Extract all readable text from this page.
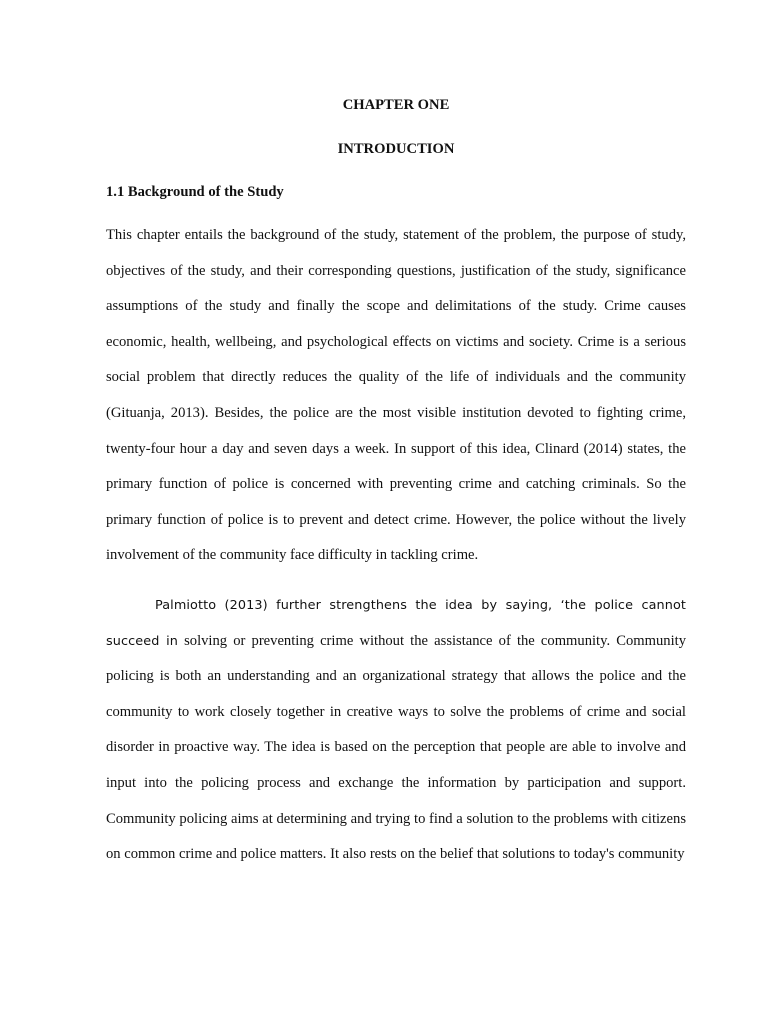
CHAPTER ONE
INTRODUCTION
1.1 Background of the Study

This chapter entails the background of the study, statement of the problem, the purpose of study, objectives of the study, and their corresponding questions, justification of the study, significance assumptions of the study and finally the scope and delimitations of the study. Crime causes economic, health, wellbeing, and psychological effects on victims and society. Crime is a serious social problem that directly reduces the quality of the life of individuals and the community (Gituanja, 2013). Besides, the police are the most visible institution devoted to fighting crime, twenty-four hour a day and seven days a week. In support of this idea, Clinard (2014) states, the primary function of police is concerned with preventing crime and catching criminals. So the primary function of police is to prevent and detect crime. However, the police without the lively involvement of the community face difficulty in tackling crime.

Palmiotto (2013) further strengthens the idea by saying, ‘the police cannot succeed in solving or preventing crime without the assistance of the community. Community policing is both an understanding and an organizational strategy that allows the police and the community to work closely together in creative ways to solve the problems of crime and social disorder in proactive way. The idea is based on the perception that people are able to involve and input into the policing process and exchange the information by participation and support. Community policing aims at determining and trying to find a solution to the problems with citizens on common crime and police matters. It also rests on the belief that solutions to today's community
